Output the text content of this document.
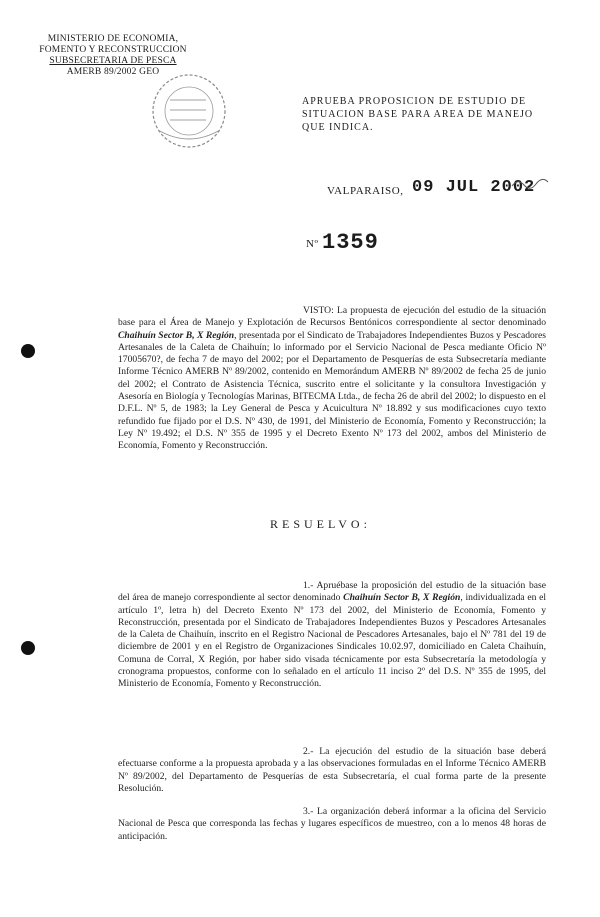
MINISTERIO DE ECONOMIA,
FOMENTO Y RECONSTRUCCION
SUBSECRETARIA DE PESCA
AMERB 89/2002 GEO
APRUEBA PROPOSICION DE ESTUDIO DE SITUACION BASE PARA AREA DE MANEJO QUE INDICA.
VALPARAISO, 09 JUL 2002
Nº 1359
VISTO: La propuesta de ejecución del estudio de la situación base para el Área de Manejo y Explotación de Recursos Bentónicos correspondiente al sector denominado Chaihuín Sector B, X Región, presentada por el Sindicato de Trabajadores Independientes Buzos y Pescadores Artesanales de la Caleta de Chaihuín; lo informado por el Servicio Nacional de Pesca mediante Oficio Nº 17005670?, de fecha 7 de mayo del 2002; por el Departamento de Pesquerías de esta Subsecretaría mediante Informe Técnico AMERB Nº 89/2002, contenido en Memorándum AMERB Nº 89/2002 de fecha 25 de junio del 2002; el Contrato de Asistencia Técnica, suscrito entre el solicitante y la consultora Investigación y Asesoría en Biología y Tecnologías Marinas, BITECMA Ltda., de fecha 26 de abril del 2002; lo dispuesto en el D.F.L. Nº 5, de 1983; la Ley General de Pesca y Acuicultura Nº 18.892 y sus modificaciones cuyo texto refundido fue fijado por el D.S. Nº 430, de 1991, del Ministerio de Economía, Fomento y Reconstrucción; la Ley Nº 19.492; el D.S. Nº 355 de 1995 y el Decreto Exento Nº 173 del 2002, ambos del Ministerio de Economía, Fomento y Reconstrucción.
RESUELVO:
1.- Apruébase la proposición del estudio de la situación base del área de manejo correspondiente al sector denominado Chaihuín Sector B, X Región, individualizada en el artículo 1º, letra h) del Decreto Exento Nº 173 del 2002, del Ministerio de Economía, Fomento y Reconstrucción, presentada por el Sindicato de Trabajadores Independientes Buzos y Pescadores Artesanales de la Caleta de Chaihuín, inscrito en el Registro Nacional de Pescadores Artesanales, bajo el Nº 781 del 19 de diciembre de 2001 y en el Registro de Organizaciones Sindicales 10.02.97, domiciliado en Caleta Chaihuín, Comuna de Corral, X Región, por haber sido visada técnicamente por esta Subsecretaría la metodología y cronograma propuestos, conforme con lo señalado en el artículo 11 inciso 2º del D.S. Nº 355 de 1995, del Ministerio de Economía, Fomento y Reconstrucción.
2.- La ejecución del estudio de la situación base deberá efectuarse conforme a la propuesta aprobada y a las observaciones formuladas en el Informe Técnico AMERB Nº 89/2002, del Departamento de Pesquerías de esta Subsecretaría, el cual forma parte de la presente Resolución.
3.- La organización deberá informar a la oficina del Servicio Nacional de Pesca que corresponda las fechas y lugares específicos de muestreo, con a lo menos 48 horas de anticipación.
